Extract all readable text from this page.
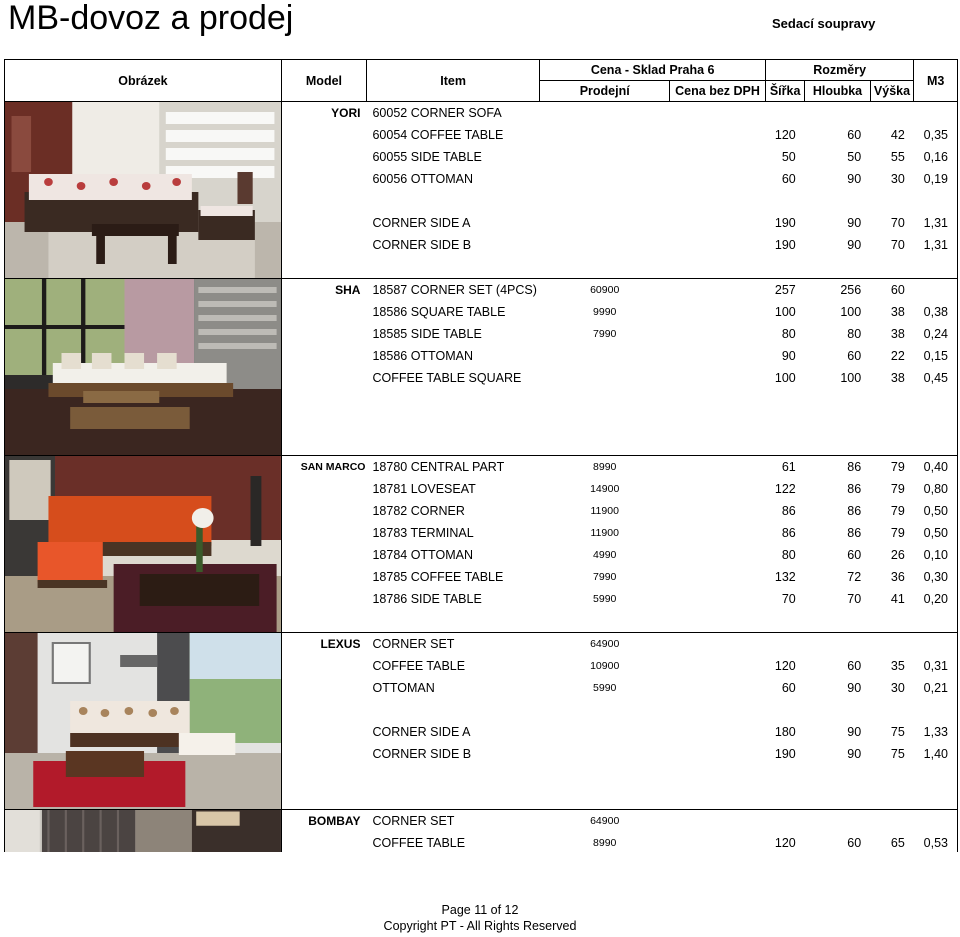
MB-dovoz a prodej	Sedací soupravy
Obrázek	Model	Item	Cena - Sklad Praha 6		Rozměry			M3
			Prodejní	Cena bez DPH	Šířka	Hloubka	Výška	

	YORI	60052 CORNER SOFA						
		60054 COFFEE TABLE			120	60	42	0,35
		60055 SIDE TABLE			50	50	55	0,16
		60056 OTTOMAN			60	90	30	0,19

		CORNER SIDE A			190	90	70	1,31
		CORNER SIDE B			190	90	70	1,31

	SHA	18587 CORNER SET (4PCS)	60900		257	256	60	
		18586 SQUARE TABLE	9990		100	100	38	0,38
		18585 SIDE TABLE	7990		80	80	38	0,24
		18586 OTTOMAN			90	60	22	0,15
		COFFEE TABLE SQUARE			100	100	38	0,45

	SAN MARCO	18780 CENTRAL PART	8990		61	86	79	0,40
		18781 LOVESEAT	14900		122	86	79	0,80
		18782 CORNER	11900		86	86	79	0,50
		18783 TERMINAL	11900		86	86	79	0,50
		18784 OTTOMAN	4990		80	60	26	0,10
		18785 COFFEE TABLE	7990		132	72	36	0,30
		18786 SIDE TABLE	5990		70	70	41	0,20

	LEXUS	CORNER SET	64900					
		COFFEE TABLE	10900		120	60	35	0,31
		OTTOMAN	5990		60	90	30	0,21

		CORNER SIDE A			180	90	75	1,33
		CORNER SIDE B			190	90	75	1,40

	BOMBAY	CORNER SET	64900					
		COFFEE TABLE	8990		120	60	65	0,53

Page 11 of 12
Copyright PT - All Rights Reserved
